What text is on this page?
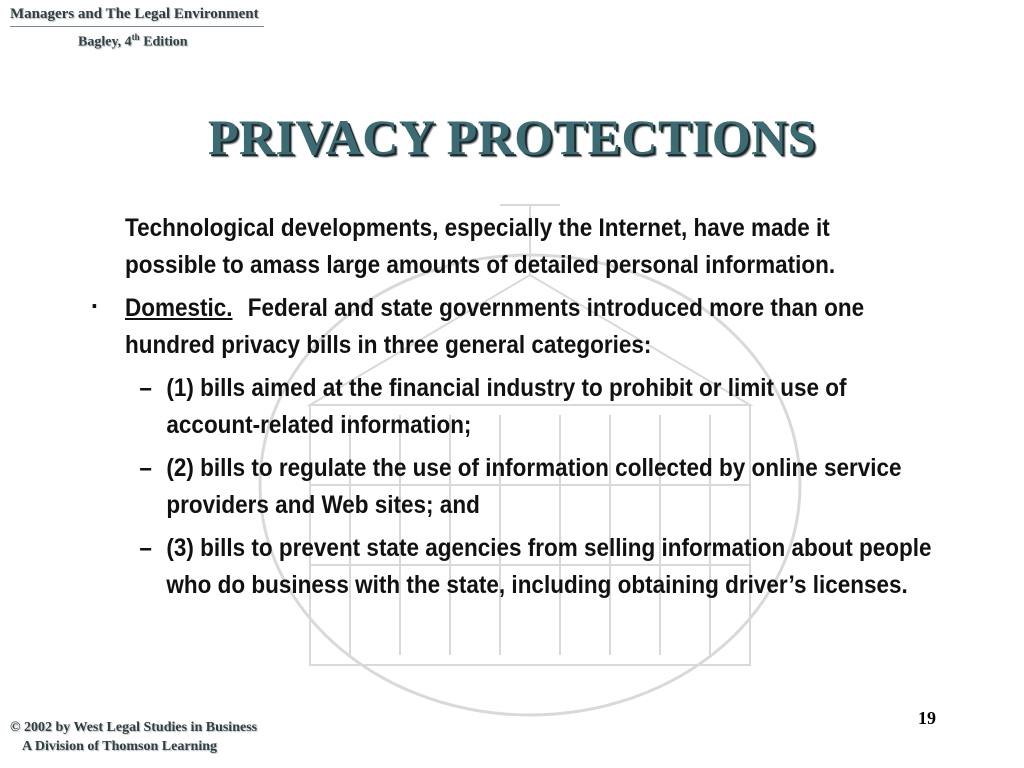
Managers and The Legal Environment
Bagley, 4th Edition
PRIVACY PROTECTIONS
Technological developments, especially the Internet, have made it possible to amass large amounts of detailed personal information.
▪ Domestic. Federal and state governments introduced more than one hundred privacy bills in three general categories:
– (1) bills aimed at the financial industry to prohibit or limit use of account-related information;
– (2) bills to regulate the use of information collected by online service providers and Web sites; and
– (3) bills to prevent state agencies from selling information about people who do business with the state, including obtaining driver’s licenses.
19
© 2002 by West Legal Studies in Business
A Division of Thomson Learning
